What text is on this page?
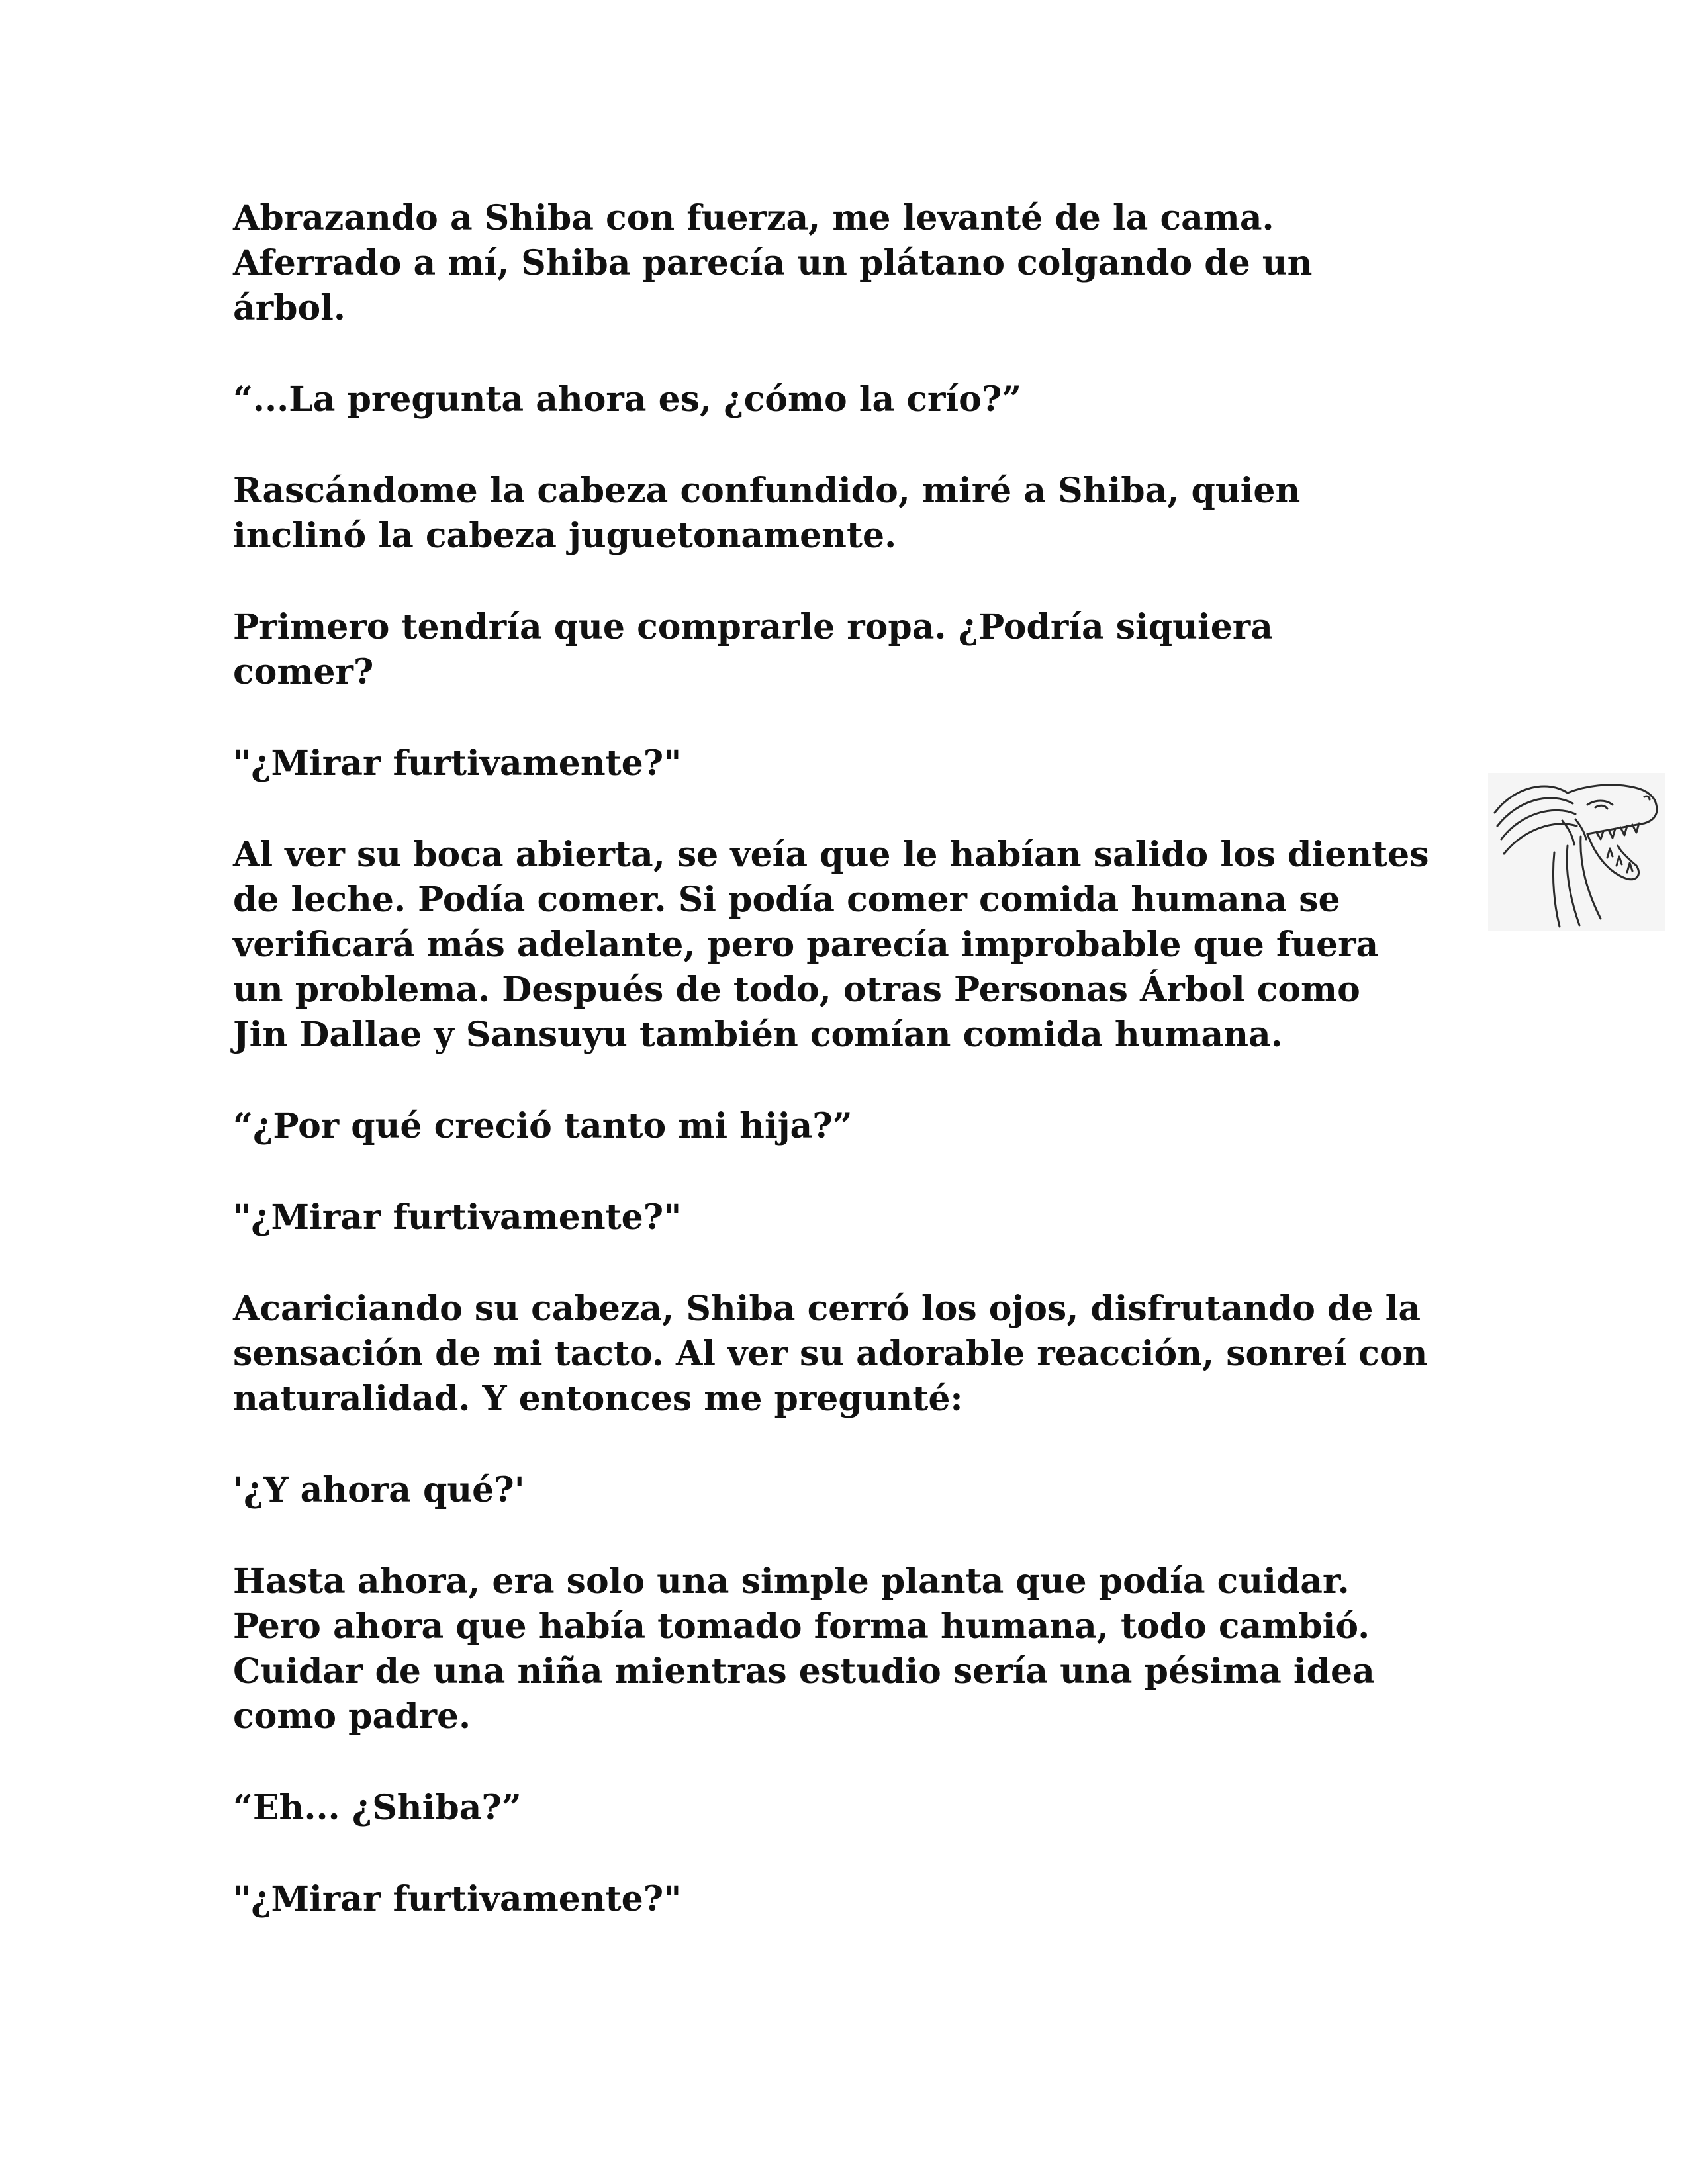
Abrazando a Shiba con fuerza, me levanté de la cama.
Aferrado a mí, Shiba parecía un plátano colgando de un
árbol.

“...La pregunta ahora es, ¿cómo la crío?”

Rascándome la cabeza confundido, miré a Shiba, quien
inclinó la cabeza juguetonamente.

Primero tendría que comprarle ropa. ¿Podría siquiera
comer?

"¿Mirar furtivamente?"

Al ver su boca abierta, se veía que le habían salido los dientes
de leche. Podía comer. Si podía comer comida humana se
verificará más adelante, pero parecía improbable que fuera
un problema. Después de todo, otras Personas Árbol como
Jin Dallae y Sansuyu también comían comida humana.

“¿Por qué creció tanto mi hija?”

"¿Mirar furtivamente?"

Acariciando su cabeza, Shiba cerró los ojos, disfrutando de la
sensación de mi tacto. Al ver su adorable reacción, sonreí con
naturalidad. Y entonces me pregunté:

'¿Y ahora qué?'

Hasta ahora, era solo una simple planta que podía cuidar.
Pero ahora que había tomado forma humana, todo cambió.
Cuidar de una niña mientras estudio sería una pésima idea
como padre.

“Eh... ¿Shiba?”

"¿Mirar furtivamente?"
